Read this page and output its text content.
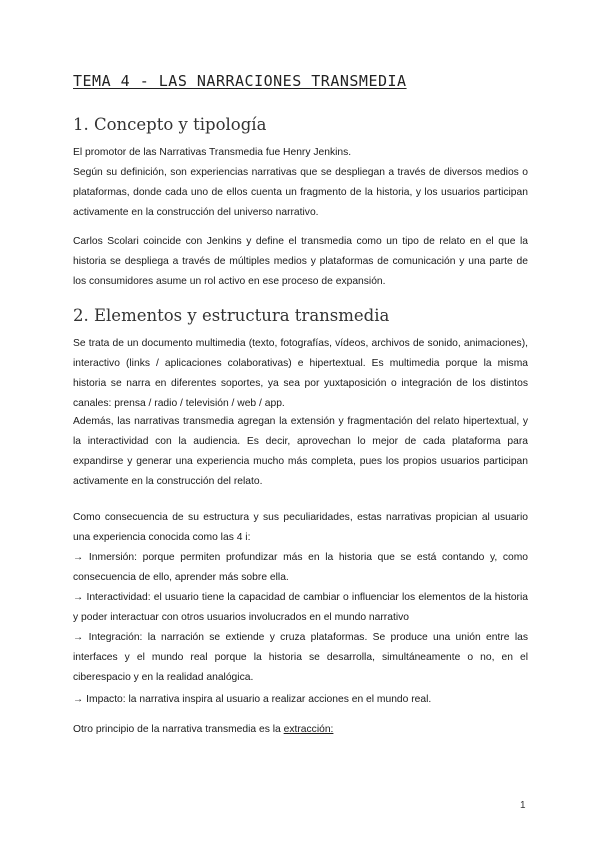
TEMA 4 - LAS NARRACIONES TRANSMEDIA
1. Concepto y tipología

El promotor de las Narrativas Transmedia fue Henry Jenkins.

Según su definición, son experiencias narrativas que se despliegan a través de diversos medios o plataformas, donde cada uno de ellos cuenta un fragmento de la historia, y los usuarios participan activamente en la construcción del universo narrativo.

Carlos Scolari coincide con Jenkins y define el transmedia como un tipo de relato en el que la historia se despliega a través de múltiples medios y plataformas de comunicación y una parte de los consumidores asume un rol activo en ese proceso de expansión.

2. Elementos y estructura transmedia

Se trata de un documento multimedia (texto, fotografías, vídeos, archivos de sonido, animaciones), interactivo (links / aplicaciones colaborativas) e hipertextual. Es multimedia porque la misma historia se narra en diferentes soportes, ya sea por yuxtaposición o integración de los distintos canales: prensa / radio / televisión / web / app.

Además, las narrativas transmedia agregan la extensión y fragmentación del relato hipertextual, y la interactividad con la audiencia. Es decir, aprovechan lo mejor de cada plataforma para expandirse y generar una experiencia mucho más completa, pues los propios usuarios participan activamente en la construcción del relato.

Como consecuencia de su estructura y sus peculiaridades, estas narrativas propician al usuario una experiencia conocida como las 4 i:

→ Inmersión: porque permiten profundizar más en la historia que se está contando y, como consecuencia de ello, aprender más sobre ella.

→ Interactividad: el usuario tiene la capacidad de cambiar o influenciar los elementos de la historia y poder interactuar con otros usuarios involucrados en el mundo narrativo

→ Integración: la narración se extiende y cruza plataformas. Se produce una unión entre las interfaces y el mundo real porque la historia se desarrolla, simultáneamente o no, en el ciberespacio y en la realidad analógica.

→ Impacto: la narrativa inspira al usuario a realizar acciones en el mundo real.

Otro principio de la narrativa transmedia es la extracción:

1
